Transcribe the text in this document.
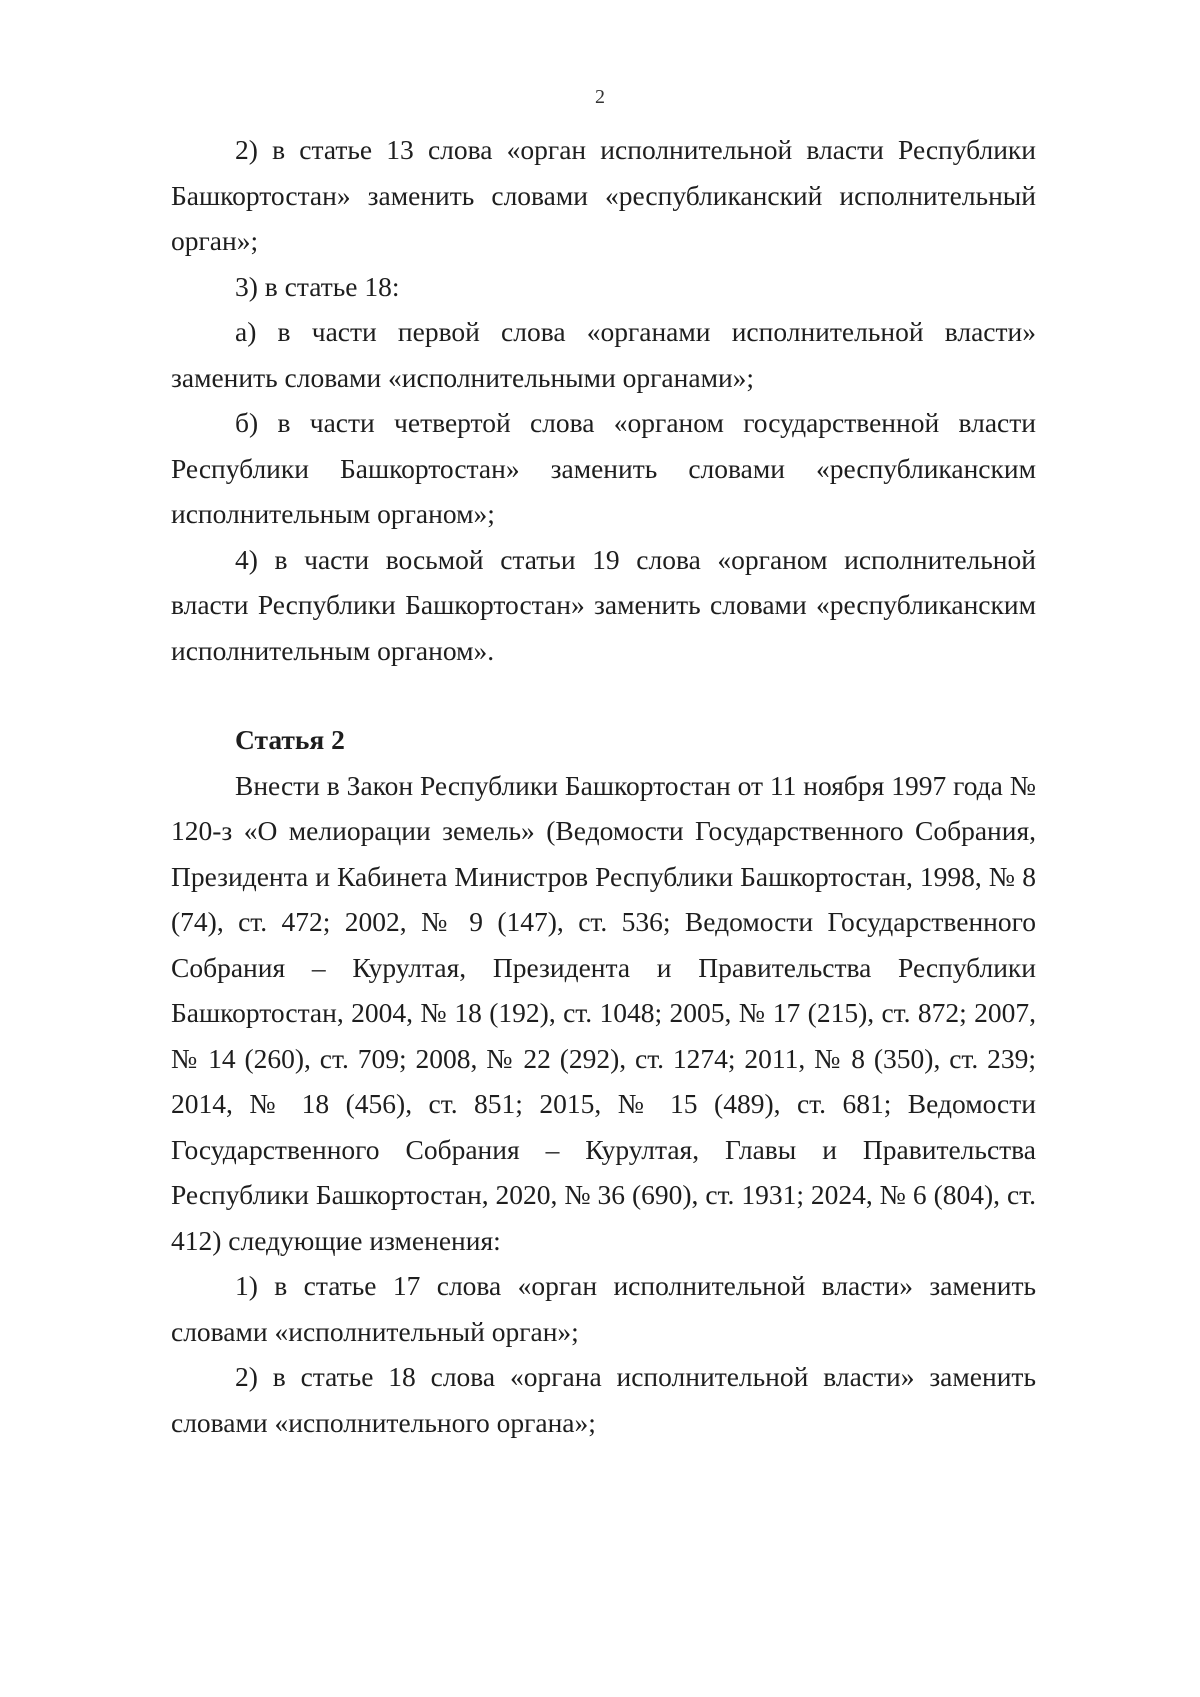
2

2) в статье 13 слова «орган исполнительной власти Республики Башкортостан» заменить словами «республиканский исполнительный орган»;

3) в статье 18:

а) в части первой слова «органами исполнительной власти» заменить словами «исполнительными органами»;

б) в части четвертой слова «органом государственной власти Республики Башкортостан» заменить словами «республиканским исполнительным органом»;

4) в части восьмой статьи 19 слова «органом исполнительной власти Республики Башкортостан» заменить словами «республиканским исполнительным органом».

Статья 2

Внести в Закон Республики Башкортостан от 11 ноября 1997 года № 120-з «О мелиорации земель» (Ведомости Государственного Собрания, Президента и Кабинета Министров Республики Башкортостан, 1998, № 8 (74), ст. 472; 2002, № 9 (147), ст. 536; Ведомости Государственного Собрания – Курултая, Президента и Правительства Республики Башкортостан, 2004, № 18 (192), ст. 1048; 2005, № 17 (215), ст. 872; 2007, № 14 (260), ст. 709; 2008, № 22 (292), ст. 1274; 2011, № 8 (350), ст. 239; 2014, № 18 (456), ст. 851; 2015, № 15 (489), ст. 681; Ведомости Государственного Собрания – Курултая, Главы и Правительства Республики Башкортостан, 2020, № 36 (690), ст. 1931; 2024, № 6 (804), ст. 412) следующие изменения:

1) в статье 17 слова «орган исполнительной власти» заменить словами «исполнительный орган»;

2) в статье 18 слова «органа исполнительной власти» заменить словами «исполнительного органа»;
